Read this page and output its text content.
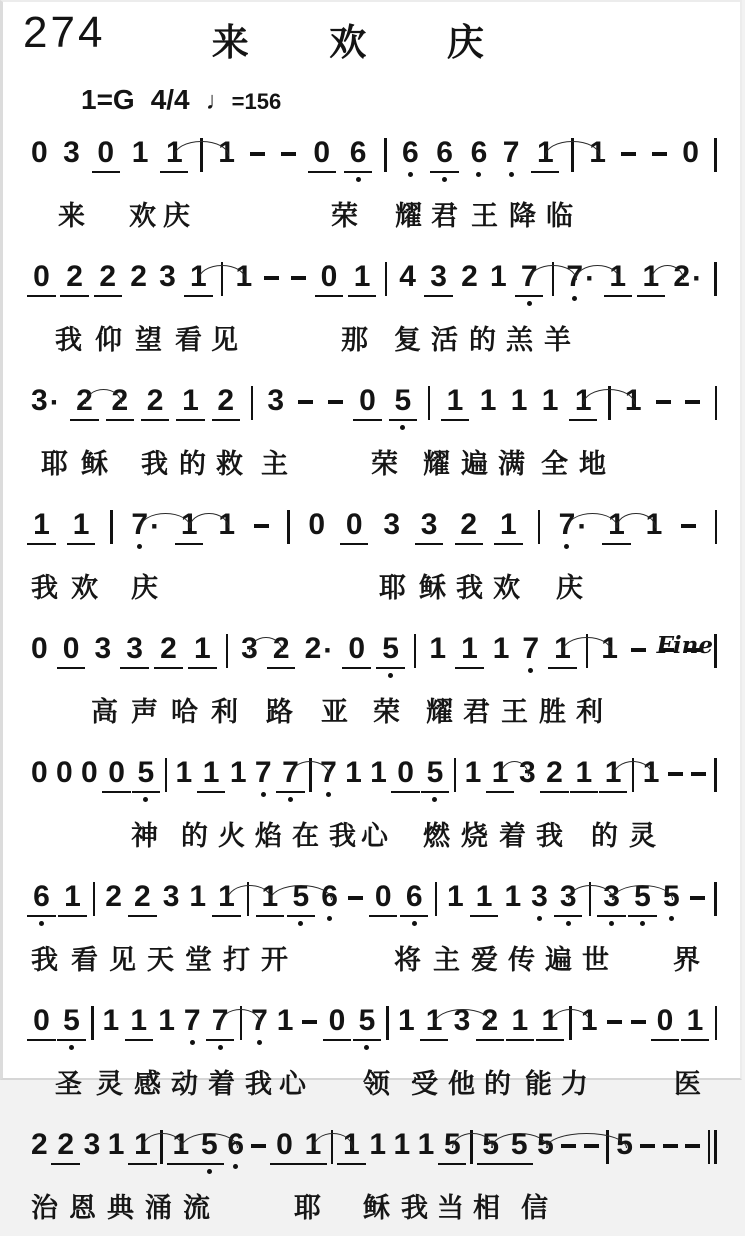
274	来 欢 庆
1=G 4/4 ♩ =156
0 3 0 1 1 1	0 6 6 6 6 7 1 1	0
来 欢 庆	荣 耀 君 王 降 临
0 2 2 2 3 1 1 0 1 4 3 2 1 7 7 · 1 1 2 ·
我 仰 望 看 见	那 复 活 的 羔 羊
3 · 2 2 2 1 2 3	0 5 1 1 1 1 1 1
耶 稣 我 的 救 主	荣 耀 遍 满 全 地
1 1 7 · 1 1 0 0 3 3 2 1 7 · 1 1
我 欢 庆	耶 稣 我 欢 庆
0 0 3 3 2 1 3 2 2 · 0 5 1 1 1 7 1 1 Fine
高 声 哈 利 路 亚 荣 耀 君 王 胜 利
0 0 0 0 5 1 1 1 7 7 7 1 1 0 5 1 1 3 2 1 1 1
神 的 火 焰 在 我 心 燃 烧 着 我 的 灵
6 1 2 2 3 1 1 1 5 6 0 6 1 1 1 3 3 3 5 5
我 看 见 天 堂 打 开	将 主 爱 传 遍 世 界
0 5 1 1 1 7 7 7 1 0 5 1 1 3 2 1 1 1 0 1
圣 灵 感 动 着 我 心 领 受 他 的 能 力	医
2 2 3 1 1 1 5 6 0 1 1 1 1 1 5 5 5 5 5
治 恩 典 涌 流	耶 稣 我 当 相 信
